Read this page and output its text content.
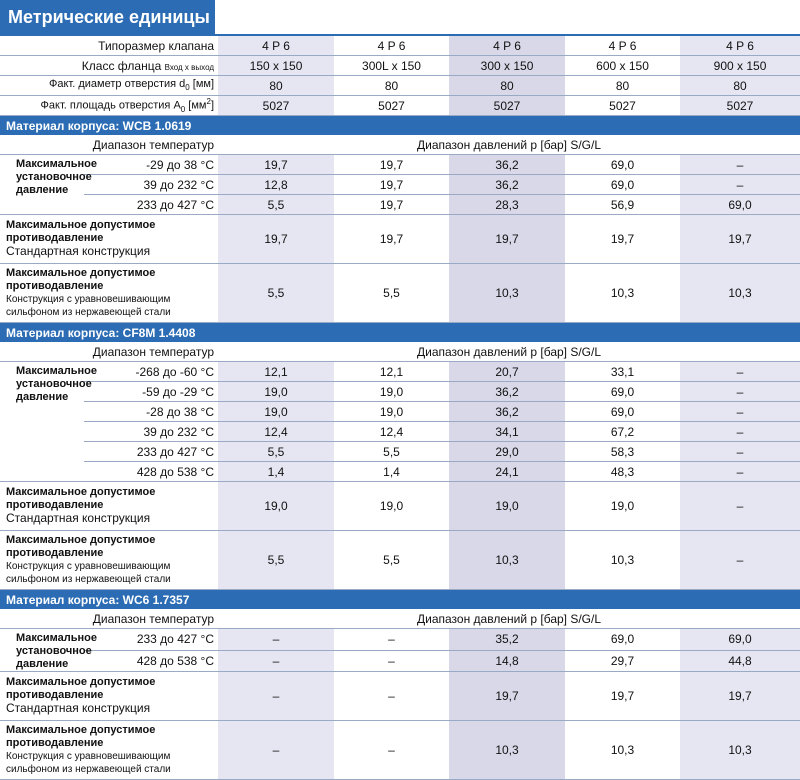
Метрические единицы
Типоразмер клапана		4 P 6	4 P 6	4 P 6	4 P 6	4 P 6
Класс фланца Вход x выход		150 x 150	300L x 150	300 x 150	600 x 150	900 x 150
Факт. диаметр отверстия $d_0$ [мм]		80	80	80	80	80
Факт. площадь отверстия $A_0$ $[мм^2]$		5027	5027	5027	5027	5027
Материал корпуса: WCB 1.0619						
Диапазон температур		Диапазон давлений p [бар] S/G/L				
Максимальное установочное давление	-29 до 38 °C	19,7	19,7	36,2	69,0	–
	39 до 232 °C	12,8	19,7	36,2	69,0	–
	233 до 427 °C	5,5	19,7	28,3	56,9	69,0
Максимальное допустимое
противодавление
Стандартная конструкция		19,7	19,7	19,7	19,7	19,7
Максимальное допустимое
противодавление
Конструкция с уравновешивающим
сильфоном из нержавеющей стали		5,5	5,5	10,3	10,3	10,3
Материал корпуса: CF8M 1.4408						
Диапазон температур		Диапазон давлений p [бар] S/G/L				
Максимальное установочное давление	-268 до -60 °C	12,1	12,1	20,7	33,1	–
	-59 до -29 °C	19,0	19,0	36,2	69,0	–
	-28 до 38 °C	19,0	19,0	36,2	69,0	–
	39 до 232 °C	12,4	12,4	34,1	67,2	–
	233 до 427 °C	5,5	5,5	29,0	58,3	–
	428 до 538 °C	1,4	1,4	24,1	48,3	–
Максимальное допустимое
противодавление
Стандартная конструкция		19,0	19,0	19,0	19,0	–
Максимальное допустимое
противодавление
Конструкция с уравновешивающим
сильфоном из нержавеющей стали		5,5	5,5	10,3	10,3	–
Материал корпуса: WC6 1.7357						
Диапазон температур		Диапазон давлений p [бар] S/G/L				
Максимальное установочное давление	233 до 427 °C	–	–	35,2	69,0	69,0
	428 до 538 °C	–	–	14,8	29,7	44,8
Максимальное допустимое
противодавление
Стандартная конструкция		–	–	19,7	19,7	19,7
Максимальное допустимое
противодавление
Конструкция с уравновешивающим
сильфоном из нержавеющей стали		–	–	10,3	10,3	10,3
